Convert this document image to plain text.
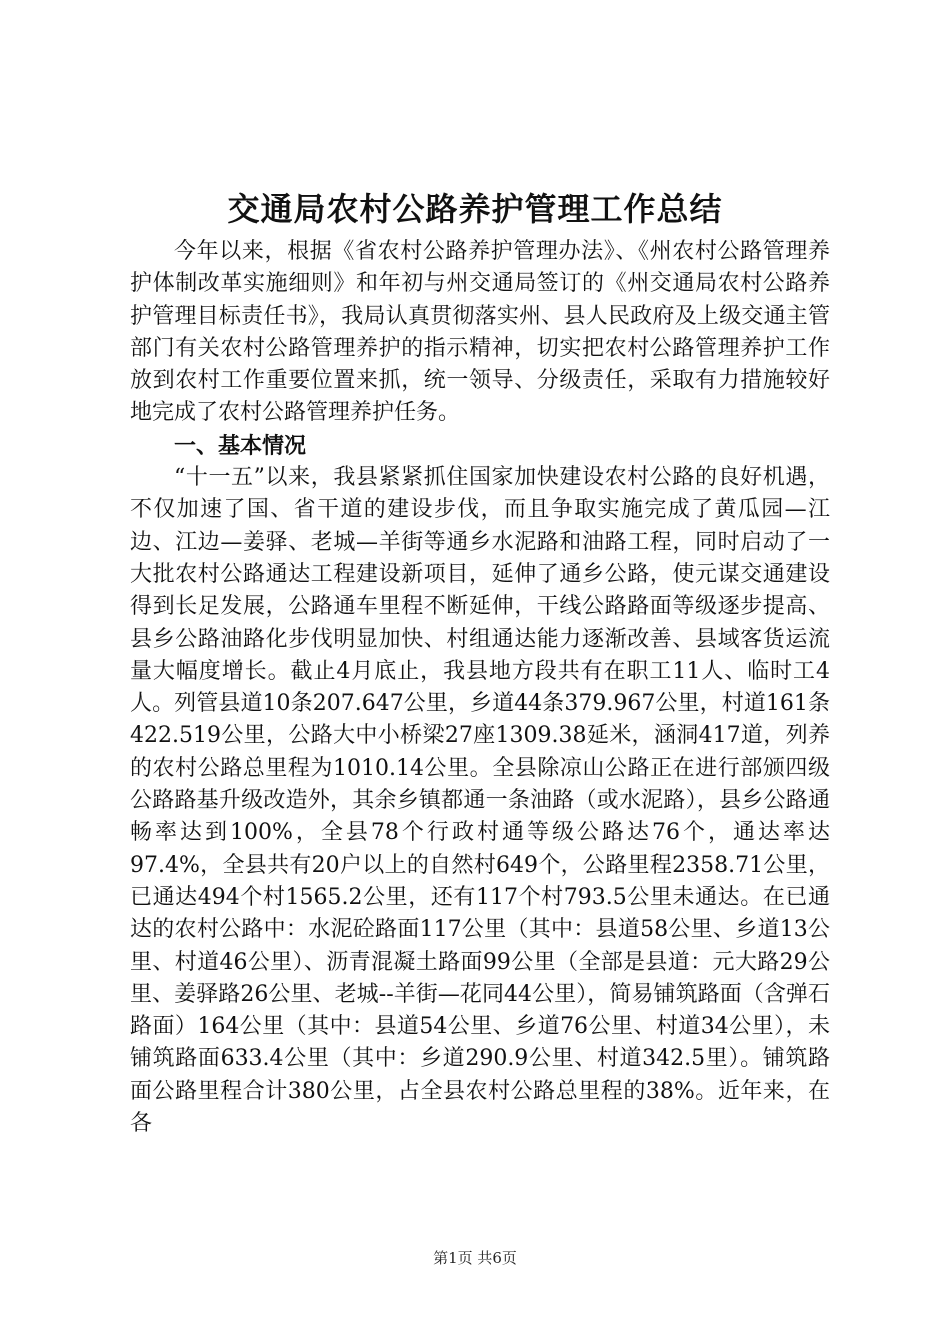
交通局农村公路养护管理工作总结

今年以来，根据《省农村公路养护管理办法》、《州农村公路管理养护体制改革实施细则》和年初与州交通局签订的《州交通局农村公路养护管理目标责任书》，我局认真贯彻落实州、县人民政府及上级交通主管部门有关农村公路管理养护的指示精神，切实把农村公路管理养护工作放到农村工作重要位置来抓，统一领导、分级责任，采取有力措施较好地完成了农村公路管理养护任务。

一、基本情况

“十一五”以来，我县紧紧抓住国家加快建设农村公路的良好机遇，不仅加速了国、省干道的建设步伐，而且争取实施完成了黄瓜园—江边、江边—姜驿、老城—羊街等通乡水泥路和油路工程，同时启动了一大批农村公路通达工程建设新项目，延伸了通乡公路，使元谋交通建设得到长足发展，公路通车里程不断延伸，干线公路路面等级逐步提高、县乡公路油路化步伐明显加快、村组通达能力逐渐改善、县域客货运流量大幅度增长。截止4月底止，我县地方段共有在职工11人、临时工4人。列管县道10条207.647公里，乡道44条379.967公里，村道161条422.519公里，公路大中小桥梁27座1309.38延米，涵洞417道，列养的农村公路总里程为1010.14公里。全县除凉山公路正在进行部颁四级公路路基升级改造外，其余乡镇都通一条油路（或水泥路），县乡公路通畅率达到100%，全县78个行政村通等级公路达76个，通达率达97.4%，全县共有20户以上的自然村649个，公路里程2358.71公里，已通达494个村1565.2公里，还有117个村793.5公里未通达。在已通达的农村公路中：水泥砼路面117公里（其中：县道58公里、乡道13公里、村道46公里）、沥青混凝土路面99公里（全部是县道：元大路29公里、姜驿路26公里、老城--羊街—花同44公里），简易铺筑路面（含弹石路面）164公里（其中：县道54公里、乡道76公里、村道34公里），未铺筑路面633.4公里（其中：乡道290.9公里、村道342.5里）。铺筑路面公路里程合计380公里，占全县农村公路总里程的38%。近年来，在各

第1页 共6页
